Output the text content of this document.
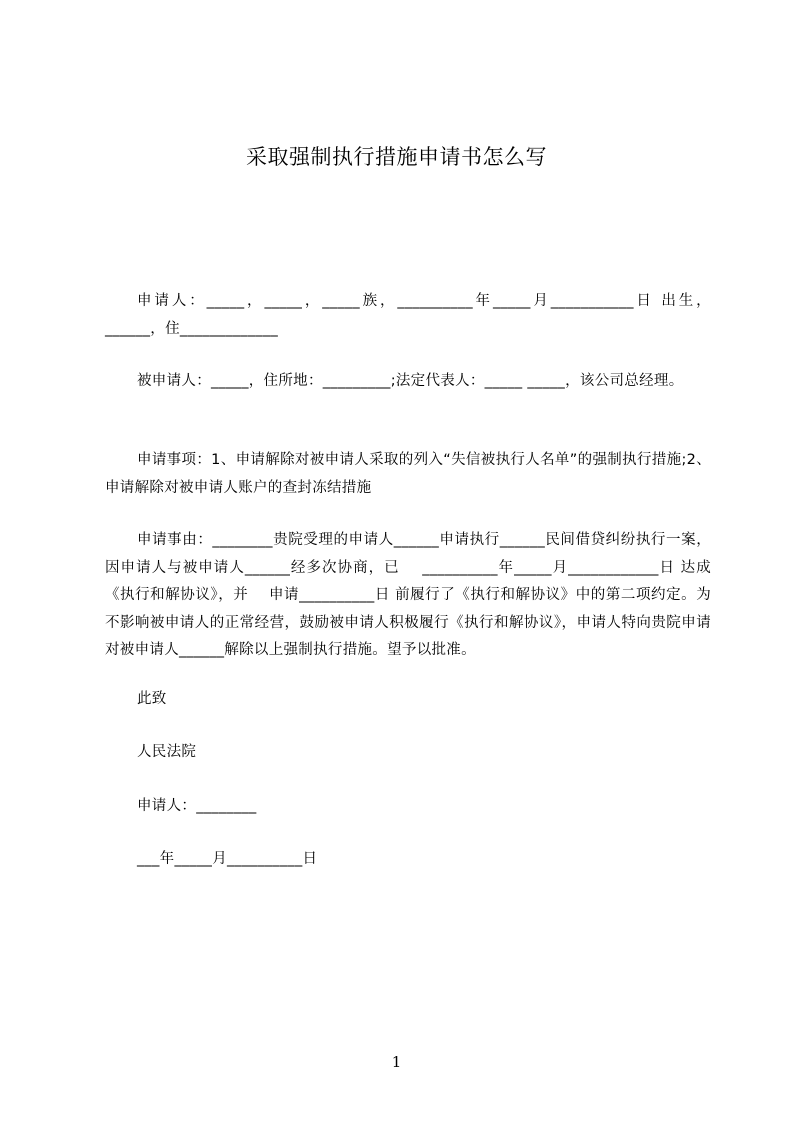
采取强制执行措施申请书怎么写
申请人：_____，_____，_____族，__________年_____月___________日 出生，______，住_____________
被申请人：_____，住所地：_________;法定代表人：_____ _____，该公司总经理。
申请事项：1、申请解除对被申请人采取的列入“失信被执行人名单”的强制执行措施;2、申请解除对被申请人账户的查封冻结措施
申请事由：________贵院受理的申请人______申请执行______民间借贷纠纷执行一案，因申请人与被申请人______经多次协商，已    __________年_____月____________日 达成《执行和解协议》，并    申请__________日 前履行了《执行和解协议》中的第二项约定。为不影响被申请人的正常经营，鼓励被申请人积极履行《执行和解协议》，申请人特向贵院申请对被申请人______解除以上强制执行措施。望予以批准。
此致
人民法院
申请人：________
___年_____月__________日
1
